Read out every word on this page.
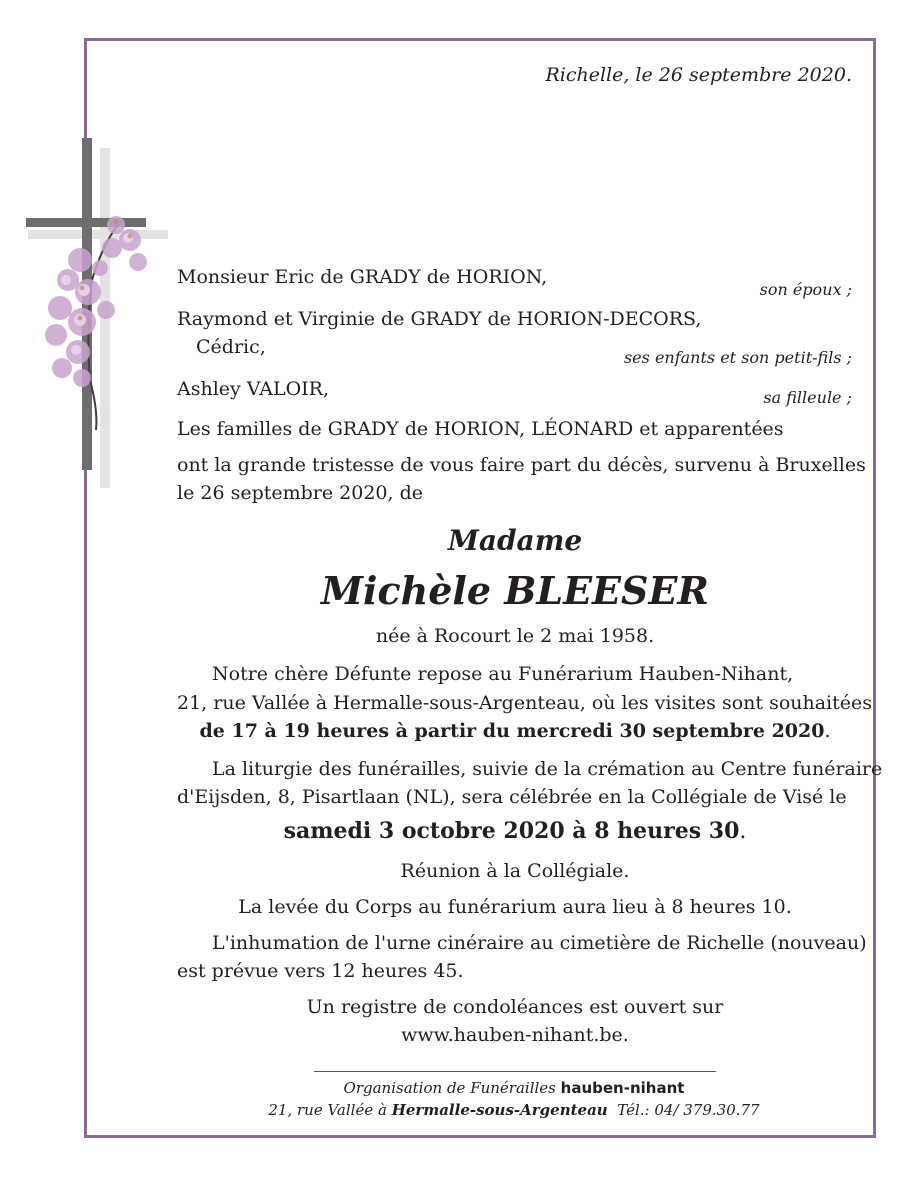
Richelle, le 26 septembre 2020.
Monsieur Eric de GRADY de HORION,
son époux ;
Raymond et Virginie de GRADY de HORION-DECORS,
Cédric,	ses enfants et son petit-fils ;
Ashley VALOIR,	sa filleule ;
Les familles de GRADY de HORION, LÉONARD et apparentées
ont la grande tristesse de vous faire part du décès, survenu à Bruxelles
le 26 septembre 2020, de
Madame
Michèle BLEESER
née à Rocourt le 2 mai 1958.
Notre chère Défunte repose au Funérarium Hauben-Nihant,
21, rue Vallée à Hermalle-sous-Argenteau, où les visites sont souhaitées
de 17 à 19 heures à partir du mercredi 30 septembre 2020.
La liturgie des funérailles, suivie de la crémation au Centre funéraire
d'Eijsden, 8, Pisartlaan (NL), sera célébrée en la Collégiale de Visé le
samedi 3 octobre 2020 à 8 heures 30.
Réunion à la Collégiale.
La levée du Corps au funérarium aura lieu à 8 heures 10.
L'inhumation de l'urne cinéraire au cimetière de Richelle (nouveau)
est prévue vers 12 heures 45.
Un registre de condoléances est ouvert sur
www.hauben-nihant.be.
Organisation de Funérailles hauben-nihant
21, rue Vallée à Hermalle-sous-Argenteau Tél.: 04/ 379.30.77
